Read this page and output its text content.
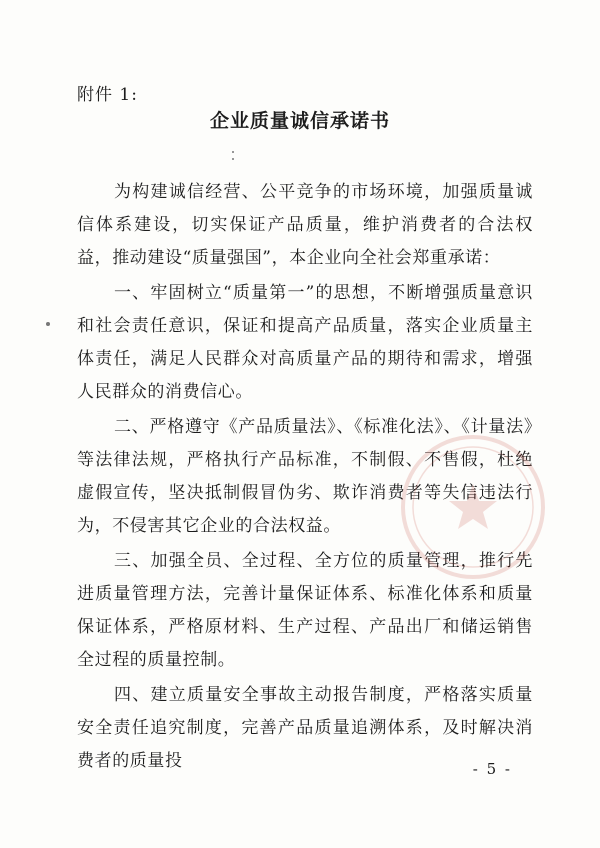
附件 1:
企业质量诚信承诺书

为构建诚信经营、公平竞争的市场环境，加强质量诚信体系建设，切实保证产品质量，维护消费者的合法权益，推动建设“质量强国”，本企业向全社会郑重承诺：

一、牢固树立“质量第一”的思想，不断增强质量意识和社会责任意识，保证和提高产品质量，落实企业质量主体责任，满足人民群众对高质量产品的期待和需求，增强人民群众的消费信心。

二、严格遵守《产品质量法》、《标准化法》、《计量法》等法律法规，严格执行产品标准，不制假、不售假，杜绝虚假宣传，坚决抵制假冒伪劣、欺诈消费者等失信违法行为，不侵害其它企业的合法权益。

三、加强全员、全过程、全方位的质量管理，推行先进质量管理方法，完善计量保证体系、标准化体系和质量保证体系，严格原材料、生产过程、产品出厂和储运销售全过程的质量控制。

四、建立质量安全事故主动报告制度，严格落实质量安全责任追究制度，完善产品质量追溯体系，及时解决消费者的质量投	- 5 -
